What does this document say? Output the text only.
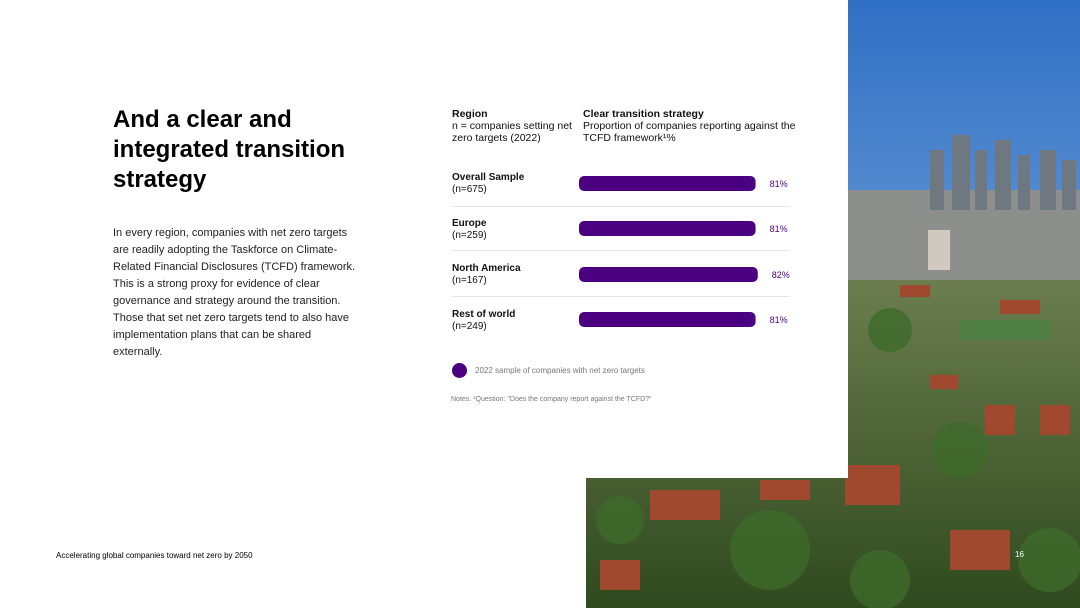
And a clear and integrated transition strategy
In every region, companies with net zero targets are readily adopting the Taskforce on Climate-Related Financial Disclosures (TCFD) framework. This is a strong proxy for evidence of clear governance and strategy around the transition. Those that set net zero targets tend to also have implementation plans that can be shared externally.
Region
n = companies setting net zero targets (2022)
Clear transition strategy
Proportion of companies reporting against the TCFD framework¹%
Overall Sample
(n=675)
Europe
(n=259)
North America
(n=167)
Rest of world
(n=249)
81%
81%
82%
81%
2022 sample of companies with net zero targets
Notes: ¹Question: "Does the company report against the TCFD?"
Accelerating global companies toward net zero by 2050	16
